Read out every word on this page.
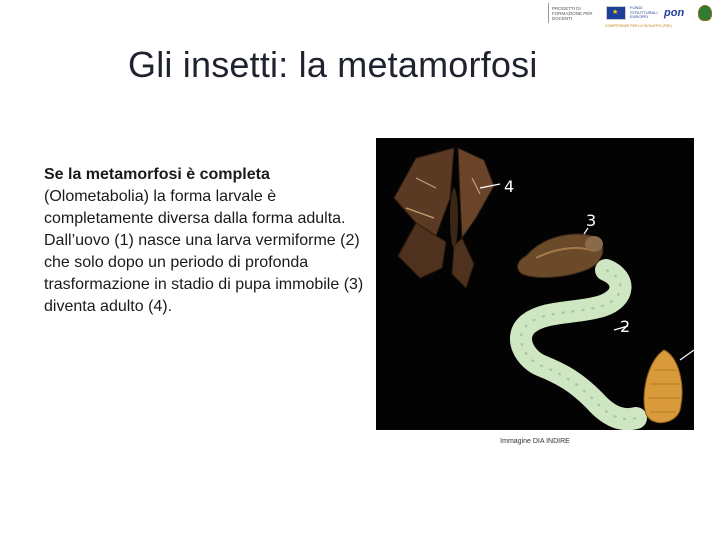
PROGETTI DI FORMAZIONE PER DOCENTI
★
FONDI STRUTTURALI EUROPEI	pon
COMPETENZE PER LO SVILUPPO (FSE)
Gli insetti: la metamorfosi
Se la metamorfosi è completa
(Olometabolia) la forma larvale è completamente diversa dalla forma adulta. Dall’uovo (1) nasce una larva vermiforme (2) che solo dopo un periodo di profonda trasformazione in stadio di pupa immobile (3) diventa adulto (4).
4
3
2
Immagine DIA INDIRE
